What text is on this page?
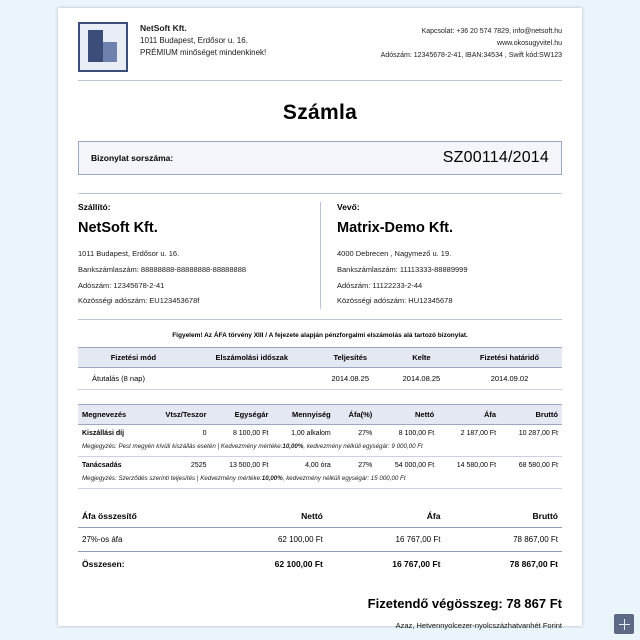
NetSoft Kft.
1011 Budapest, Erdősor u. 16.
PRÉMIUM minőséget mindenkinek!
Kapcsolat: +36 20 574 7829, info@netsoft.hu
www.okosugyvitel.hu
Adószám: 12345678-2-41, IBAN:34534 , Swift kód:SW123
Számla
Bizonylat sorszáma:	SZ00114/2014
Szállító:
NetSoft Kft.
1011 Budapest, Erdősor u. 16.
Bankszámlaszám: 88888888-88888888-88888888
Adószám: 12345678-2-41
Közösségi adószám: EU123453678f
Vevő:
Matrix-Demo Kft.
4000 Debrecen , Nagymező u. 19.
Bankszámlaszám: 11113333-88889999
Adószám: 11122233-2-44
Közösségi adószám: HU12345678
Figyelem! Az ÁFA törvény XIII / A fejezete alapján pénzforgalmi elszámolás alá tartozó bizonylat.
Fizetési mód	Elszámolási időszak	Teljesítés	Kelte	Fizetési határidő
Átutalás (8 nap)		2014.08.25	2014.08.25	2014.09.02
Megnevezés	Vtsz/Teszor	Egységár	Mennyiség	Áfa(%)	Nettó	Áfa	Bruttó
Kiszállási díj	0	8 100,00 Ft	1,00 alkalom	27%	8 100,00 Ft	2 187,00 Ft	10 287,00 Ft
Megjegyzés: Pest megyén kívüli kiszállás esetén | Kedvezmény mértéke:10,00%, kedvezmény nélküli egységár: 9 000,00 Ft							
Tanácsadás	2525	13 500,00 Ft	4,00 óra	27%	54 000,00 Ft	14 580,00 Ft	68 580,00 Ft
Megjegyzés: Szerződés szerinti teljesítés | Kedvezmény mértéke:10,00%, kedvezmény nélküli egységár: 15 000,00 Ft							
Áfa összesítő	Nettó	Áfa	Bruttó
27%-os áfa	62 100,00 Ft	16 767,00 Ft	78 867,00 Ft
Összesen:	62 100,00 Ft	16 767,00 Ft	78 867,00 Ft
Fizetendő végösszeg: 78 867 Ft
Azaz, Hetvennyolcezer-nyolcszázhatvanhét Forint
